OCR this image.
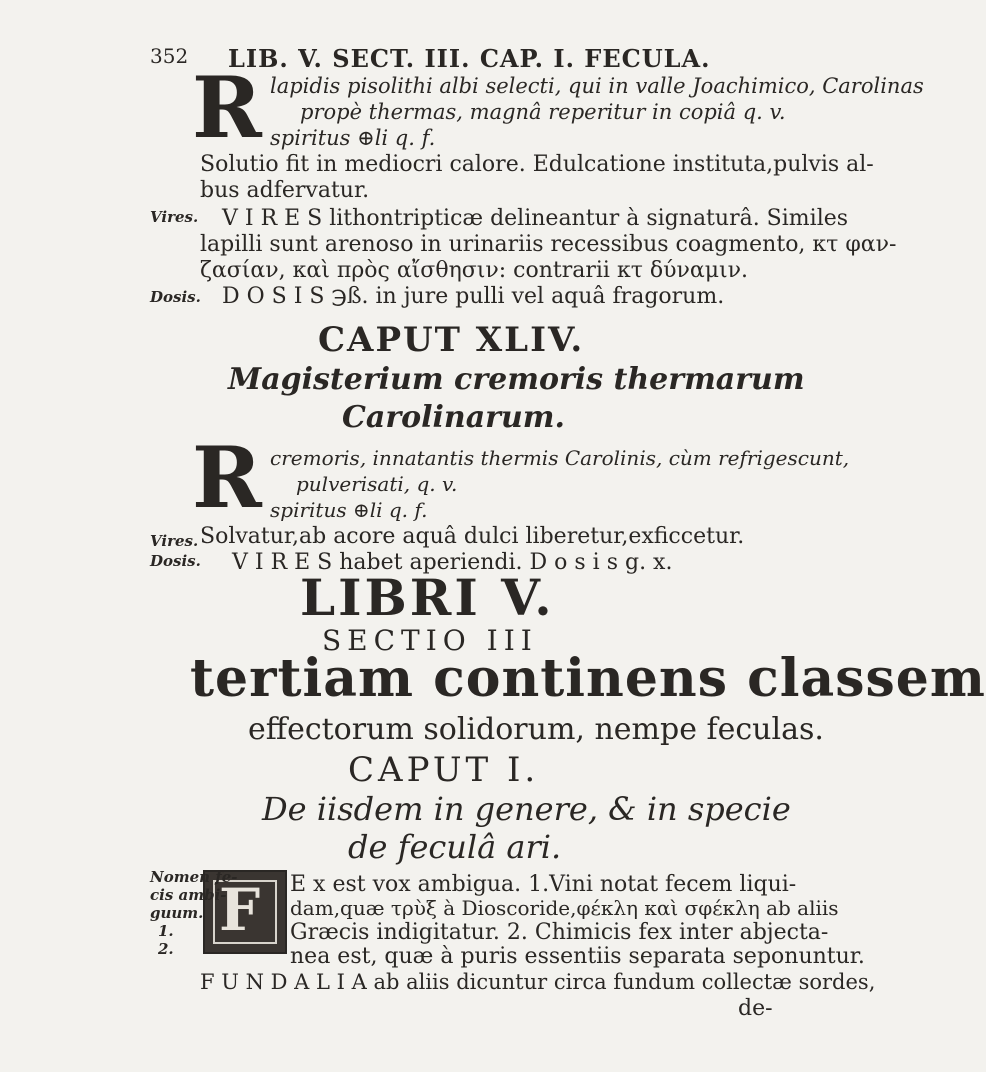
352 LIB. V. SECT. III. CAP. I. FECULA.
R lapidis pisolithi albi selecti, qui in valle Joachimico, Carolinas
propè thermas, magnâ reperitur in copiâ q. v.
spiritus ⊕li q. f.
Solutio fit in mediocri calore. Edulcatione instituta,pulvis al-
bus adfervatur.
V I R E S lithontripticæ delineantur à signaturâ. Similes
lapilli sunt arenoso in urinariis recessibus coagmento, κτ φαν-
ζασίαν, καὶ πρὸς αἴσθησιν: contrarii κτ δύναμιν.
D O S I S ℈ß. in jure pulli vel aquâ fragorum.
Vires.
Dosis.
CAPUT XLIV.
Magisterium cremoris thermarum
Carolinarum.
R cremoris, innatantis thermis Carolinis, cùm refrigescunt,
pulverisati, q. v.
spiritus ⊕li q. f.
Solvatur,ab acore aquâ dulci liberetur,exficcetur.
V I R E S habet aperiendi. D o s i s g. x.
Vires.
Dosis.
LIBRI V.
SECTIO III
tertiam continens classem
effectorum solidorum, nempe feculas.
CAPUT I.
De iisdem in genere, & in specie
de feculâ ari.
F E x est vox ambigua. 1.Vini notat fecem liqui-
dam,quæ τρὺξ à Dioscoride,φέκλη καὶ σφέκλη ab aliis
Græcis indigitatur. 2. Chimicis fex inter abjecta-
nea est, quæ à puris essentiis separata seponuntur.
F U N D A L I A ab aliis dicuntur circa fundum collectæ sordes,
de-
Nomen fe-
cis ambi-
guum.
1.
2.
